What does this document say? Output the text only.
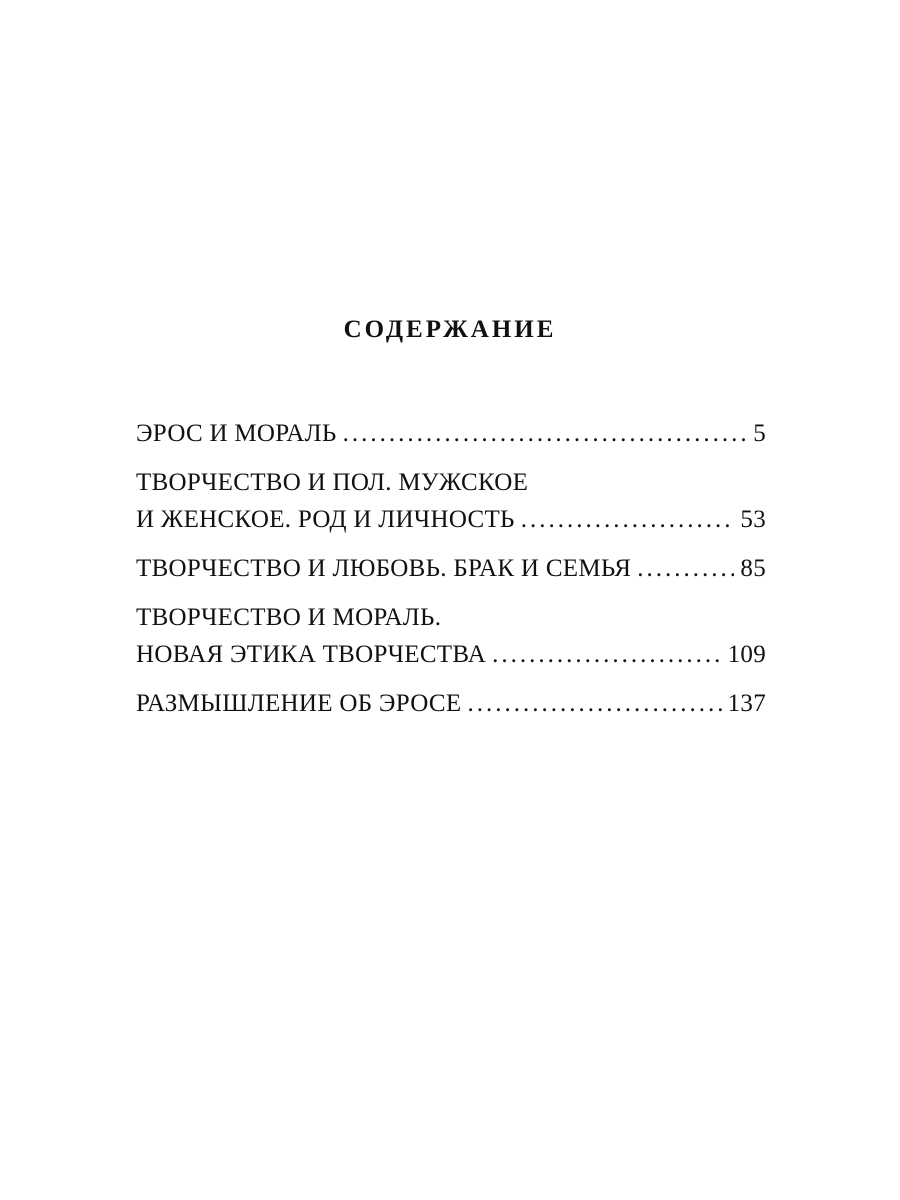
СОДЕРЖАНИЕ
ЭРОС И МОРАЛЬ .....	5
ТВОРЧЕСТВО И ПОЛ. МУЖСКОЕ
И ЖЕНСКОЕ. РОД И ЛИЧНОСТЬ .....	53
ТВОРЧЕСТВО И ЛЮБОВЬ. БРАК И СЕМЬЯ .....	85
ТВОРЧЕСТВО И МОРАЛЬ.
НОВАЯ ЭТИКА ТВОРЧЕСТВА .....	109
РАЗМЫШЛЕНИЕ ОБ ЭРОСЕ .....	137
